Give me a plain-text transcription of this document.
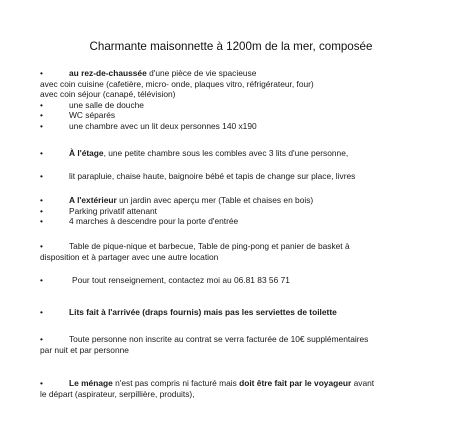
Charmante maisonnette à 1200m de la mer, composée
•	au rez-de-chaussée d'une pièce de vie spacieuse
avec coin cuisine (cafetière, micro- onde, plaques vitro, réfrigérateur, four)
avec coin séjour (canapé, télévision)
•	une salle de douche
•	WC séparés
•	une chambre avec un lit deux personnes 140 x190
•	À l'étage, une petite chambre sous les combles avec 3 lits d'une personne,
•	lit parapluie, chaise haute, baignoire bébé et tapis de change sur place, livres
•	A l'extérieur un jardin avec aperçu mer (Table et chaises en bois)
•	Parking privatif attenant
•	4 marches à descendre pour la porte d'entrée
•	Table de pique-nique et barbecue, Table de ping-pong et panier de basket à
disposition et à partager avec une autre location
•	Pour tout renseignement, contactez moi au 06.81 83 56 71
•	Lits fait à l'arrivée (draps fournis) mais pas les serviettes de toilette
•	Toute personne non inscrite au contrat se verra facturée de 10€ supplémentaires
par nuit et par personne
•	Le ménage n'est pas compris ni facturé mais doit être fait par le voyageur avant
le départ (aspirateur, serpillière, produits),
